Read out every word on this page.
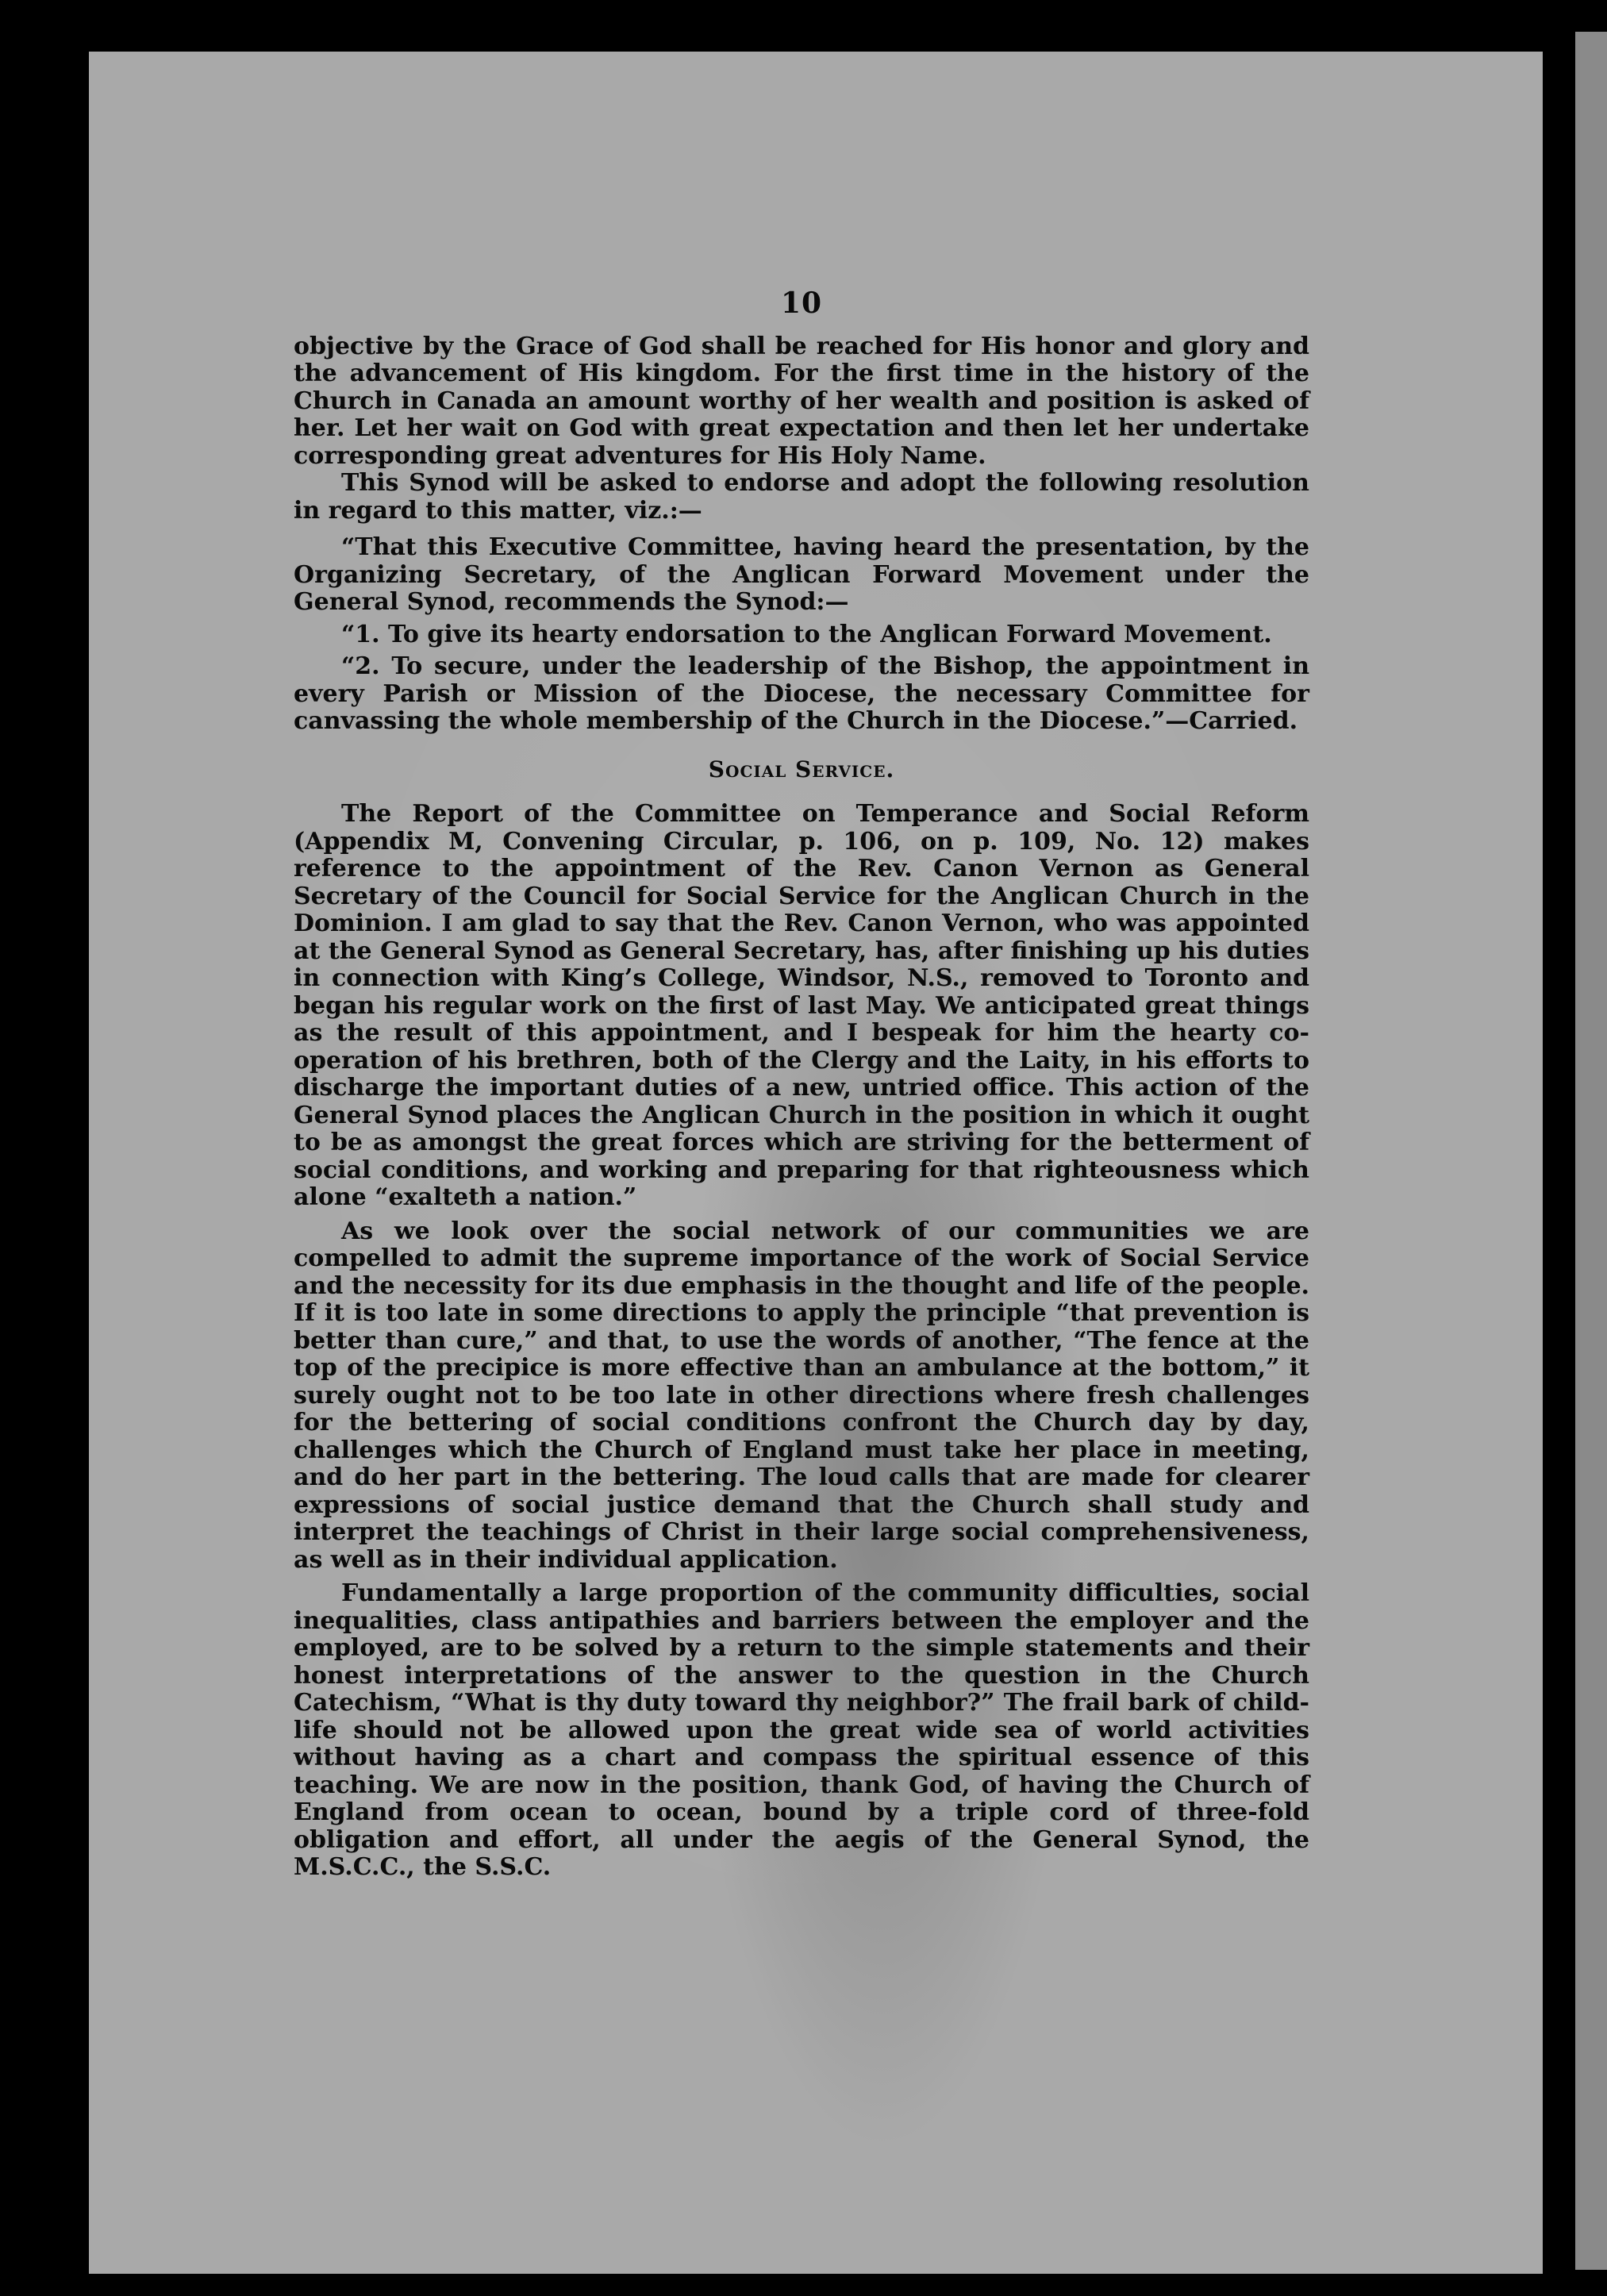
10

objective by the Grace of God shall be reached for His honor and glory and the advancement of His kingdom. For the first time in the history of the Church in Canada an amount worthy of her wealth and position is asked of her. Let her wait on God with great expectation and then let her undertake corresponding great adventures for His Holy Name.

This Synod will be asked to endorse and adopt the following resolution in regard to this matter, viz.:—

“That this Executive Committee, having heard the presentation, by the Organizing Secretary, of the Anglican Forward Movement under the General Synod, recommends the Synod:—

“1. To give its hearty endorsation to the Anglican Forward Movement.

“2. To secure, under the leadership of the Bishop, the appointment in every Parish or Mission of the Diocese, the necessary Committee for canvassing the whole membership of the Church in the Diocese.”—Carried.

Social Service.

The Report of the Committee on Temperance and Social Reform (Appendix M, Convening Circular, p. 106, on p. 109, No. 12) makes reference to the appointment of the Rev. Canon Vernon as General Secretary of the Council for Social Service for the Anglican Church in the Dominion. I am glad to say that the Rev. Canon Vernon, who was appointed at the General Synod as General Secretary, has, after finishing up his duties in connection with King’s College, Windsor, N.S., removed to Toronto and began his regular work on the first of last May. We anticipated great things as the result of this appointment, and I bespeak for him the hearty co-operation of his brethren, both of the Clergy and the Laity, in his efforts to discharge the important duties of a new, untried office. This action of the General Synod places the Anglican Church in the position in which it ought to be as amongst the great forces which are striving for the betterment of social conditions, and working and preparing for that righteousness which alone “exalteth a nation.”

As we look over the social network of our communities we are compelled to admit the supreme importance of the work of Social Service and the necessity for its due emphasis in the thought and life of the people. If it is too late in some directions to apply the principle “that prevention is better than cure,” and that, to use the words of another, “The fence at the top of the precipice is more effective than an ambulance at the bottom,” it surely ought not to be too late in other directions where fresh challenges for the bettering of social conditions confront the Church day by day, challenges which the Church of England must take her place in meeting, and do her part in the bettering. The loud calls that are made for clearer expressions of social justice demand that the Church shall study and interpret the teachings of Christ in their large social comprehensiveness, as well as in their individual application.

Fundamentally a large proportion of the community difficulties, social inequalities, class antipathies and barriers between the employer and the employed, are to be solved by a return to the simple statements and their honest interpretations of the answer to the question in the Church Catechism, “What is thy duty toward thy neighbor?” The frail bark of child-life should not be allowed upon the great wide sea of world activities without having as a chart and compass the spiritual essence of this teaching. We are now in the position, thank God, of having the Church of England from ocean to ocean, bound by a triple cord of three-fold obligation and effort, all under the aegis of the General Synod, the M.S.C.C., the S.S.C.
